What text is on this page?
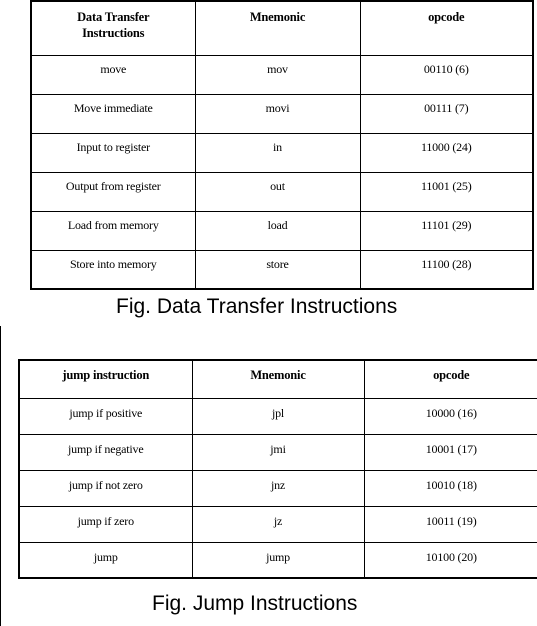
Data Transfer
Instructions	Mnemonic	opcode
move	mov	00110 (6)
Move immediate	movi	00111 (7)
Input to register	in	11000 (24)
Output from register	out	11001 (25)
Load from memory	load	11101 (29)
Store into memory	store	11100 (28)
Fig. Data Transfer Instructions
jump instruction	Mnemonic	opcode
jump if positive	jpl	10000 (16)
jump if negative	jmi	10001 (17)
jump if not zero	jnz	10010 (18)
jump if zero	jz	10011 (19)
jump	jump	10100 (20)
Fig. Jump Instructions
